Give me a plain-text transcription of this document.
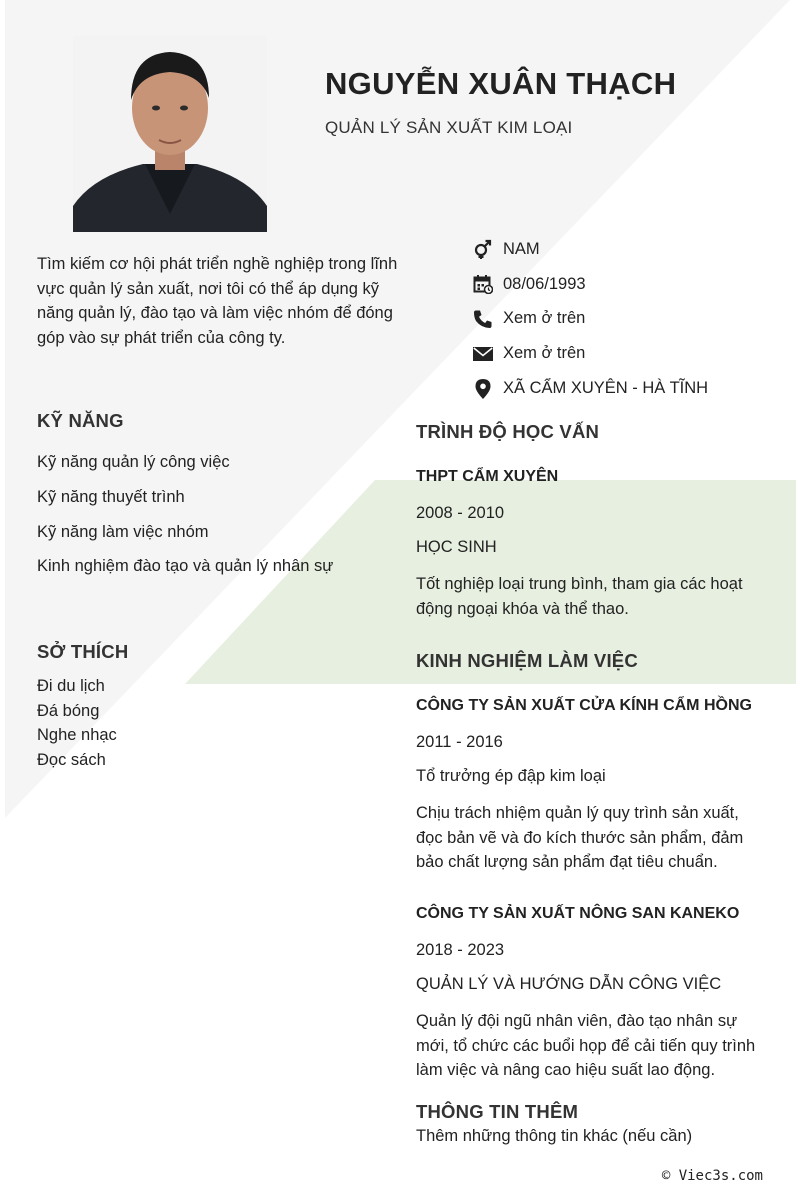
NGUYỄN XUÂN THẠCH
QUẢN LÝ SẢN XUẤT KIM LOẠI
Tìm kiếm cơ hội phát triển nghề nghiệp trong lĩnh vực quản lý sản xuất, nơi tôi có thể áp dụng kỹ năng quản lý, đào tạo và làm việc nhóm để đóng góp vào sự phát triển của công ty.
NAM
08/06/1993
Xem ở trên
Xem ở trên
XÃ CẨM XUYÊN - HÀ TĨNH
KỸ NĂNG
Kỹ năng quản lý công việc
Kỹ năng thuyết trình
Kỹ năng làm việc nhóm
Kinh nghiệm đào tạo và quản lý nhân sự
SỞ THÍCH
Đi du lịch
Đá bóng
Nghe nhạc
Đọc sách
TRÌNH ĐỘ HỌC VẤN
THPT CẨM XUYÊN
2008 - 2010
HỌC SINH
Tốt nghiệp loại trung bình, tham gia các hoạt động ngoại khóa và thể thao.
KINH NGHIỆM LÀM VIỆC
CÔNG TY SẢN XUẤT CỬA KÍNH CẨM HỒNG
2011 - 2016
Tổ trưởng ép đập kim loại
Chịu trách nhiệm quản lý quy trình sản xuất, đọc bản vẽ và đo kích thước sản phẩm, đảm bảo chất lượng sản phẩm đạt tiêu chuẩn.
CÔNG TY SẢN XUẤT NÔNG SAN KANEKO
2018 - 2023
QUẢN LÝ VÀ HƯỚNG DẪN CÔNG VIỆC
Quản lý đội ngũ nhân viên, đào tạo nhân sự mới, tổ chức các buổi họp để cải tiến quy trình làm việc và nâng cao hiệu suất lao động.
THÔNG TIN THÊM
Thêm những thông tin khác (nếu cần)
© Viec3s.com
